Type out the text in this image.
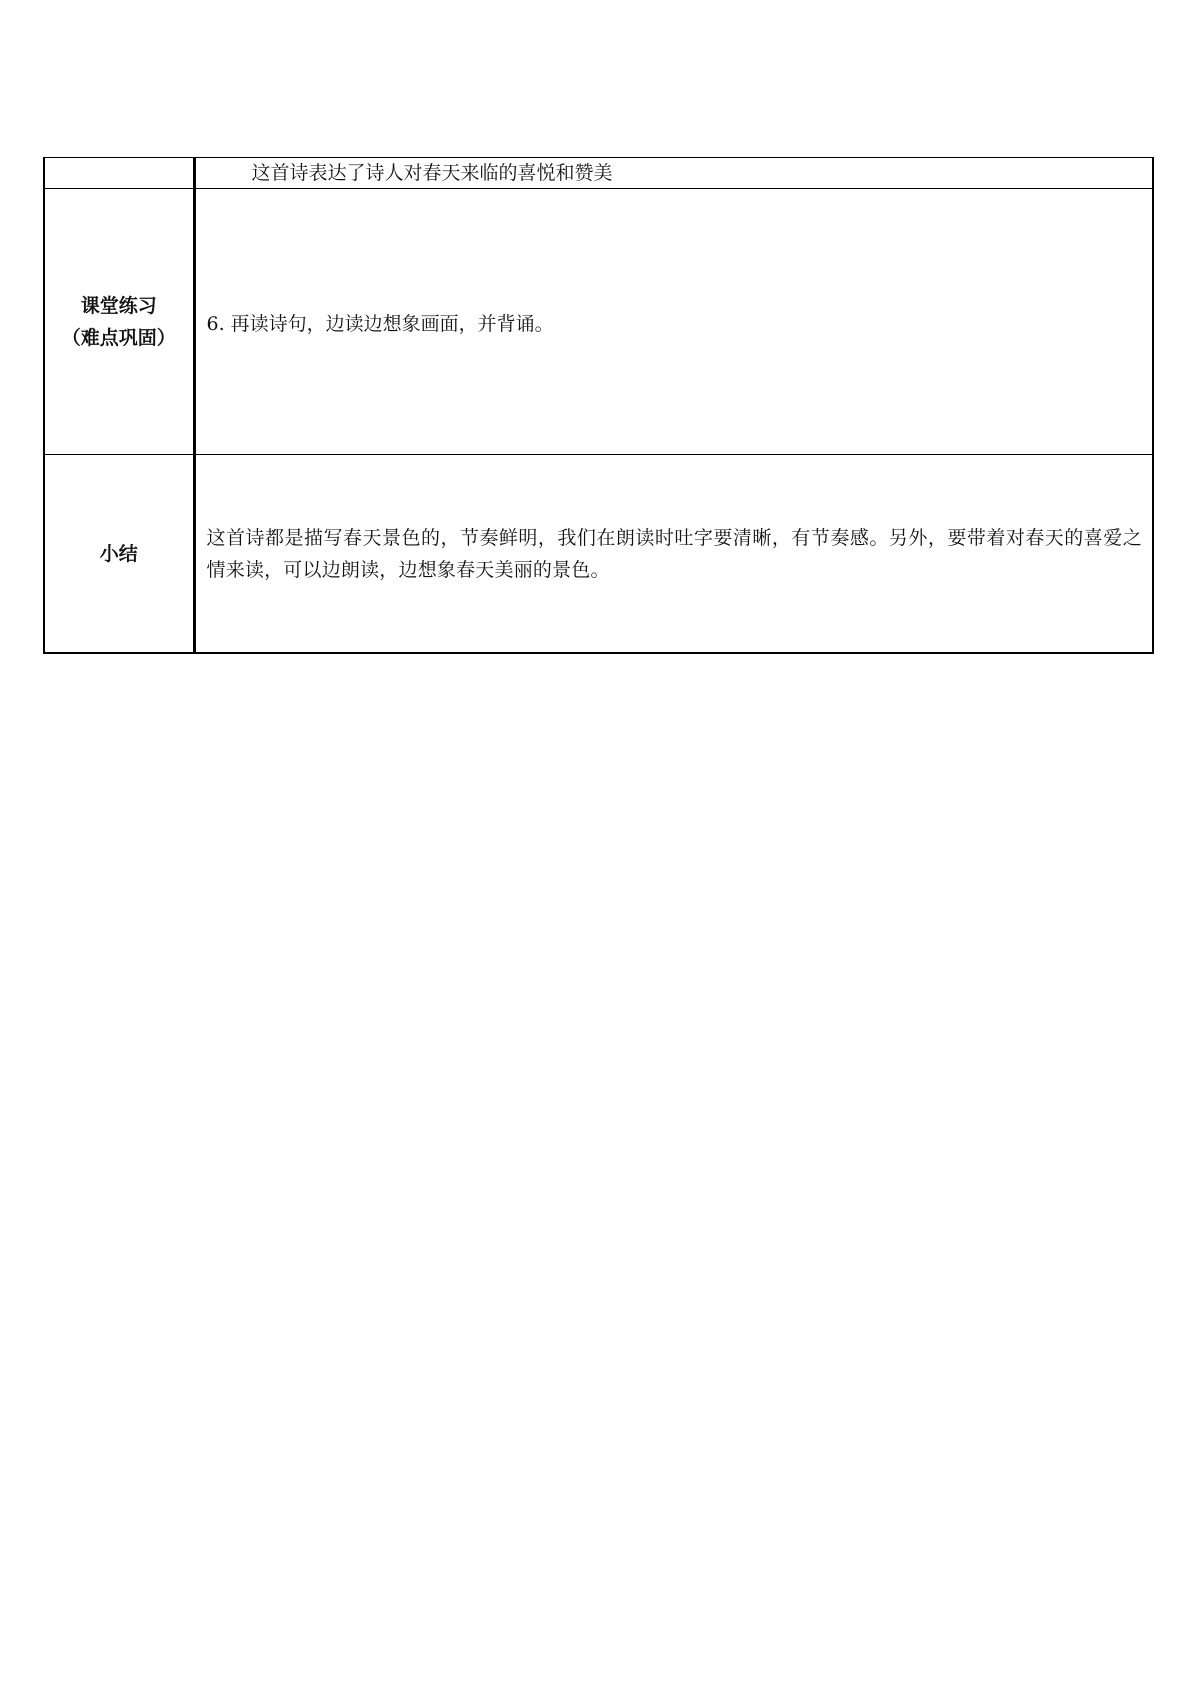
	这首诗表达了诗人对春天来临的喜悦和赞美

课堂练习
（难点巩固）	6. 再读诗句，边读边想象画面，并背诵。

小结	这首诗都是描写春天景色的，节奏鲜明，我们在朗读时吐字要清晰，有节奏感。另外，要带着对春天的喜爱之情来读，可以边朗读，边想象春天美丽的景色。
